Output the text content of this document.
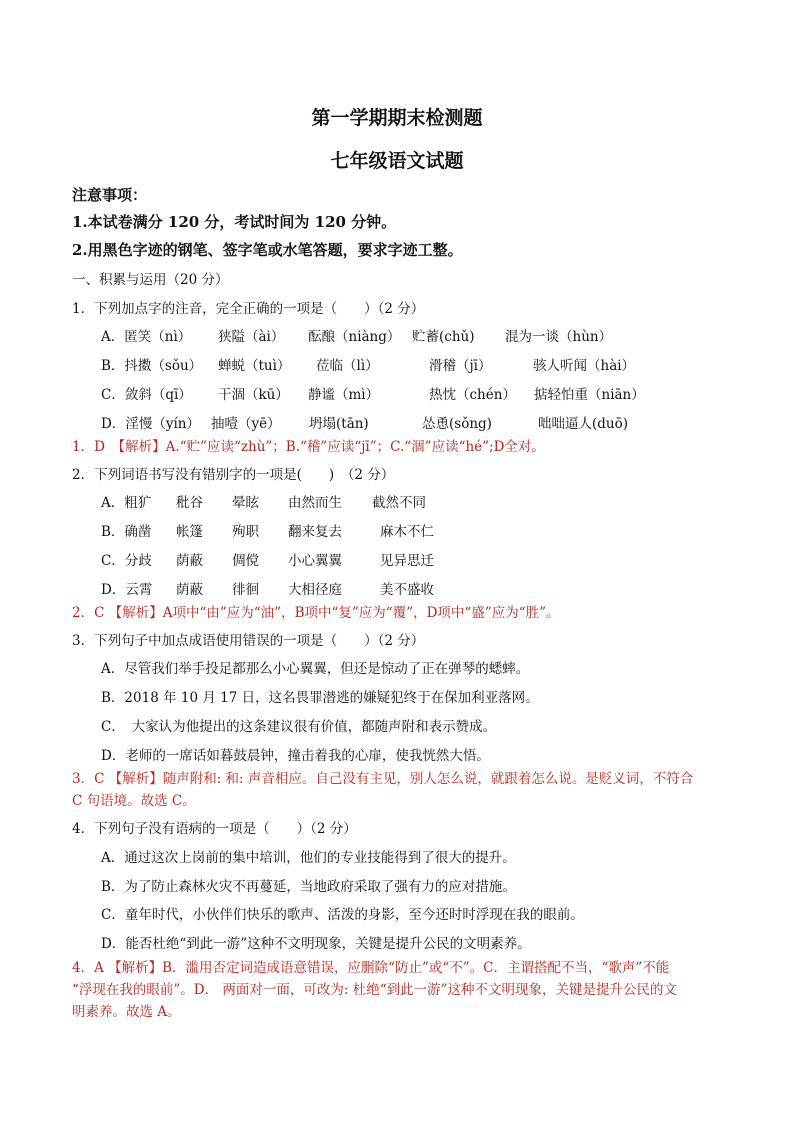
第一学期期末检测题
七年级语文试题
注意事项：
1.本试卷满分 120 分，考试时间为 120 分钟。
2.用黑色字迹的钢笔、签字笔或水笔答题，要求字迹工整。
一、积累与运用（20 分）
1．下列加点字的注音，完全正确的一项是（　　）（2 分）
A．匿笑（nì）	狭隘（ài）	酝酿（niàng） 贮蓄(chǔ)	混为一谈（hùn）
B．抖擞（sǒu）	蝉蜕（tuì）	莅临（lì）	滑稽（jī）	骇人听闻（hài）
C．敛斜（qī）	干涸（kū）	静谧（mì）	热忱（chén）	掂轻怕重（niān）
D．淫慢（yín） 抽噎（yē）	坍塌(tān)	怂恿(sǒng)	咄咄逼人(duō)
1．D　【解析】A.“贮”应读“zhù”；B.“稽”应读“jī”；C.“涸”应读“hé”;D全对。
2．下列词语书写没有错别字的一项是(　　)　（2 分）
A．粗犷	秕谷	晕眩	由然而生	截然不同
B．确凿	帐篷	殉职	翻来复去	麻木不仁
C．分歧	荫蔽	倜傥	小心翼翼	见异思迁
D．云霄	荫蔽	徘徊	大相径庭	美不盛收
2．C 【解析】A项中“由”应为“油”，B项中“复”应为“覆”，D项中“盛”应为“胜”。
3．下列句子中加点成语使用错误的一项是（　　）（2 分）
A．尽管我们举手投足都那么小心翼翼，但还是惊动了正在弹琴的蟋蟀。
B．2018 年 10 月 17 日，这名畏罪潜逃的嫌疑犯终于在保加利亚落网。
C．　大家认为他提出的这条建议很有价值，都随声附和表示赞成。
D．老师的一席话如暮鼓晨钟，撞击着我的心扉，使我恍然大悟。
3．C 【解析】随声附和: 和: 声音相应。自己没有主见，别人怎么说，就跟着怎么说。是贬义词，不符合
C 句语境。故选 C。
4．下列句子没有语病的一项是（　　）（2 分）
A．通过这次上岗前的集中培训，他们的专业技能得到了很大的提升。
B．为了防止森林火灾不再蔓延，当地政府采取了强有力的应对措施。
C．童年时代，小伙伴们快乐的歌声、活泼的身影，至今还时时浮现在我的眼前。
D．能否杜绝“到此一游”这种不文明现象，关键是提升公民的文明素养。
4．A 【解析】B．滥用否定词造成语意错误，应删除“防止”或“不”。C．主谓搭配不当，“歌声”不能
“浮现在我的眼前”。D． 两面对一面，可改为: 杜绝“到此一游”这种不文明现象，关键是提升公民的文
明素养。故选 A。
